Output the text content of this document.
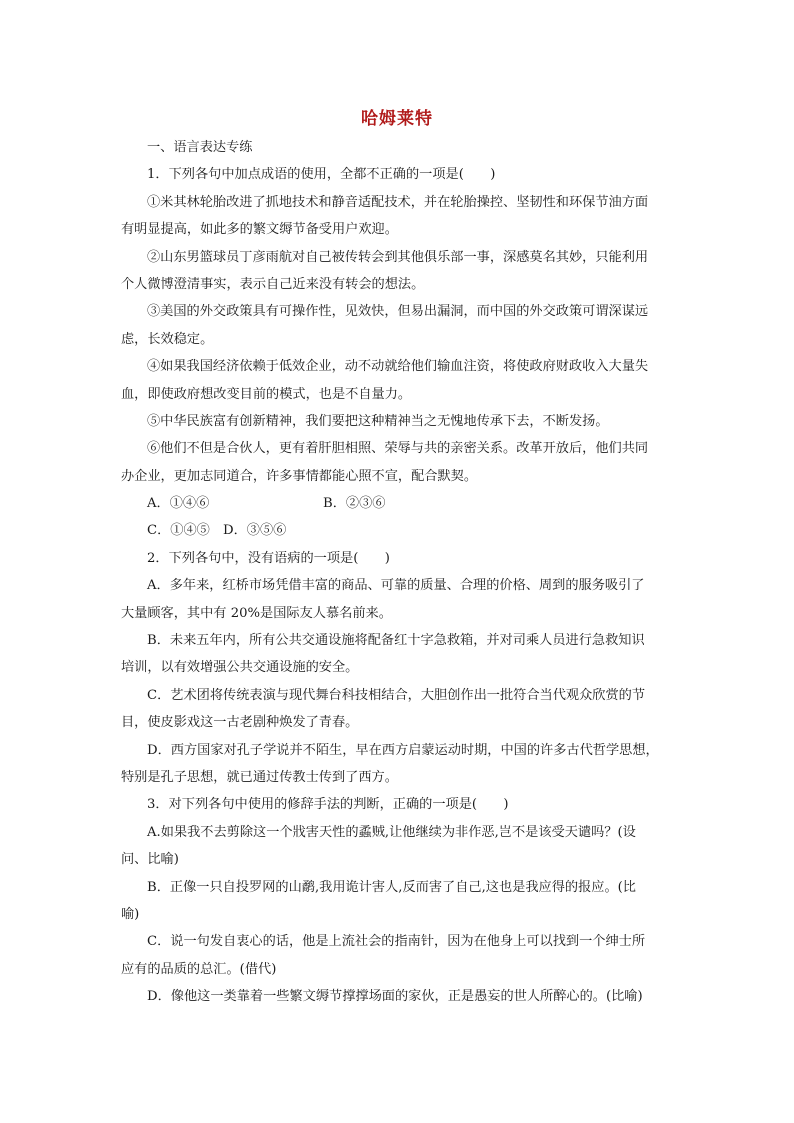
哈姆莱特
一、语言表达专练
1．下列各句中加点成语的使用，全都不正确的一项是(　　)
①米其林轮胎改进了抓地技术和静音适配技术，并在轮胎操控、坚韧性和环保节油方面
有明显提高，如此多的繁文缛节备受用户欢迎。
②山东男篮球员丁彦雨航对自己被传转会到其他俱乐部一事，深感莫名其妙，只能利用
个人微博澄清事实，表示自己近来没有转会的想法。
③美国的外交政策具有可操作性，见效快，但易出漏洞，而中国的外交政策可谓深谋远
虑，长效稳定。
④如果我国经济依赖于低效企业，动不动就给他们输血注资，将使政府财政收入大量失
血，即使政府想改变目前的模式，也是不自量力。
⑤中华民族富有创新精神，我们要把这种精神当之无愧地传承下去，不断发扬。
⑥他们不但是合伙人，更有着肝胆相照、荣辱与共的亲密关系。改革开放后，他们共同
办企业，更加志同道合，许多事情都能心照不宣，配合默契。
A．①④⑥	B．②③⑥
C．①④⑤　D．③⑤⑥
2．下列各句中，没有语病的一项是(　　)
A．多年来，红桥市场凭借丰富的商品、可靠的质量、合理的价格、周到的服务吸引了
大量顾客，其中有 20%是国际友人慕名前来。
B．未来五年内，所有公共交通设施将配备红十字急救箱，并对司乘人员进行急救知识
培训，以有效增强公共交通设施的安全。
C．艺术团将传统表演与现代舞台科技相结合，大胆创作出一批符合当代观众欣赏的节
目，使皮影戏这一古老剧种焕发了青春。
D．西方国家对孔子学说并不陌生，早在西方启蒙运动时期，中国的许多古代哲学思想，
特别是孔子思想，就已通过传教士传到了西方。
3．对下列各句中使用的修辞手法的判断，正确的一项是(　　)
A.如果我不去剪除这一个戕害天性的蟊贼,让他继续为非作恶,岂不是该受天谴吗？(设
问、比喻)
B．正像一只自投罗网的山鹬,我用诡计害人,反而害了自己,这也是我应得的报应。(比
喻)
C．说一句发自衷心的话，他是上流社会的指南针，因为在他身上可以找到一个绅士所
应有的品质的总汇。(借代)
D．像他这一类靠着一些繁文缛节撑撑场面的家伙，正是愚妄的世人所醉心的。(比喻)
